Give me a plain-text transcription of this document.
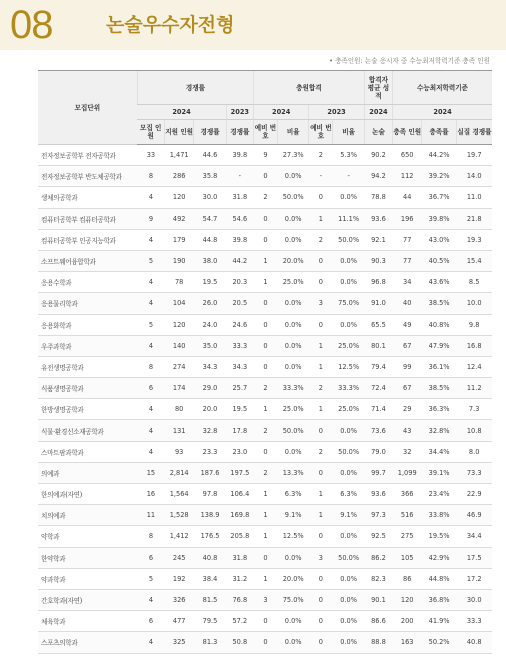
08	논술우수자전형
• 충족인원: 논술 응시자 중 수능최저학력기준 충족 인원
모집단위	경쟁률				충원합격				합격자 평균 성적	수능최저학력기준		
	2024			2023	2024		2023		2024	2024		
	모집 인원	지원 인원	경쟁률	경쟁률	예비 번호	비율	예비 번호	비율	논술	충족 인원	충족률	실질 경쟁률
전자정보공학부 전자공학과	33	1,471	44.6	39.8	9	27.3%	2	5.3%	90.2	650	44.2%	19.7
전자정보공학부 반도체공학과	8	286	35.8	-	0	0.0%	-	-	94.2	112	39.2%	14.0
생체의공학과	4	120	30.0	31.8	2	50.0%	0	0.0%	78.8	44	36.7%	11.0
컴퓨터공학부 컴퓨터공학과	9	492	54.7	54.6	0	0.0%	1	11.1%	93.6	196	39.8%	21.8
컴퓨터공학부 인공지능학과	4	179	44.8	39.8	0	0.0%	2	50.0%	92.1	77	43.0%	19.3
소프트웨어융합학과	5	190	38.0	44.2	1	20.0%	0	0.0%	90.3	77	40.5%	15.4
응용수학과	4	78	19.5	20.3	1	25.0%	0	0.0%	96.8	34	43.6%	8.5
응용물리학과	4	104	26.0	20.5	0	0.0%	3	75.0%	91.0	40	38.5%	10.0
응용화학과	5	120	24.0	24.6	0	0.0%	0	0.0%	65.5	49	40.8%	9.8
우주과학과	4	140	35.0	33.3	0	0.0%	1	25.0%	80.1	67	47.9%	16.8
유전생명공학과	8	274	34.3	34.3	0	0.0%	1	12.5%	79.4	99	36.1%	12.4
식품생명공학과	6	174	29.0	25.7	2	33.3%	2	33.3%	72.4	67	38.5%	11.2
한방생명공학과	4	80	20.0	19.5	1	25.0%	1	25.0%	71.4	29	36.3%	7.3
식물·환경신소재공학과	4	131	32.8	17.8	2	50.0%	0	0.0%	73.6	43	32.8%	10.8
스마트팜과학과	4	93	23.3	23.0	0	0.0%	2	50.0%	79.0	32	34.4%	8.0
의예과	15	2,814	187.6	197.5	2	13.3%	0	0.0%	99.7	1,099	39.1%	73.3
한의예과(자연)	16	1,564	97.8	106.4	1	6.3%	1	6.3%	93.6	366	23.4%	22.9
치의예과	11	1,528	138.9	169.8	1	9.1%	1	9.1%	97.3	516	33.8%	46.9
약학과	8	1,412	176.5	205.8	1	12.5%	0	0.0%	92.5	275	19.5%	34.4
한약학과	6	245	40.8	31.8	0	0.0%	3	50.0%	86.2	105	42.9%	17.5
약과학과	5	192	38.4	31.2	1	20.0%	0	0.0%	82.3	86	44.8%	17.2
간호학과(자연)	4	326	81.5	76.8	3	75.0%	0	0.0%	90.1	120	36.8%	30.0
체육학과	6	477	79.5	57.2	0	0.0%	0	0.0%	86.6	200	41.9%	33.3
스포츠의학과	4	325	81.3	50.8	0	0.0%	0	0.0%	88.8	163	50.2%	40.8
